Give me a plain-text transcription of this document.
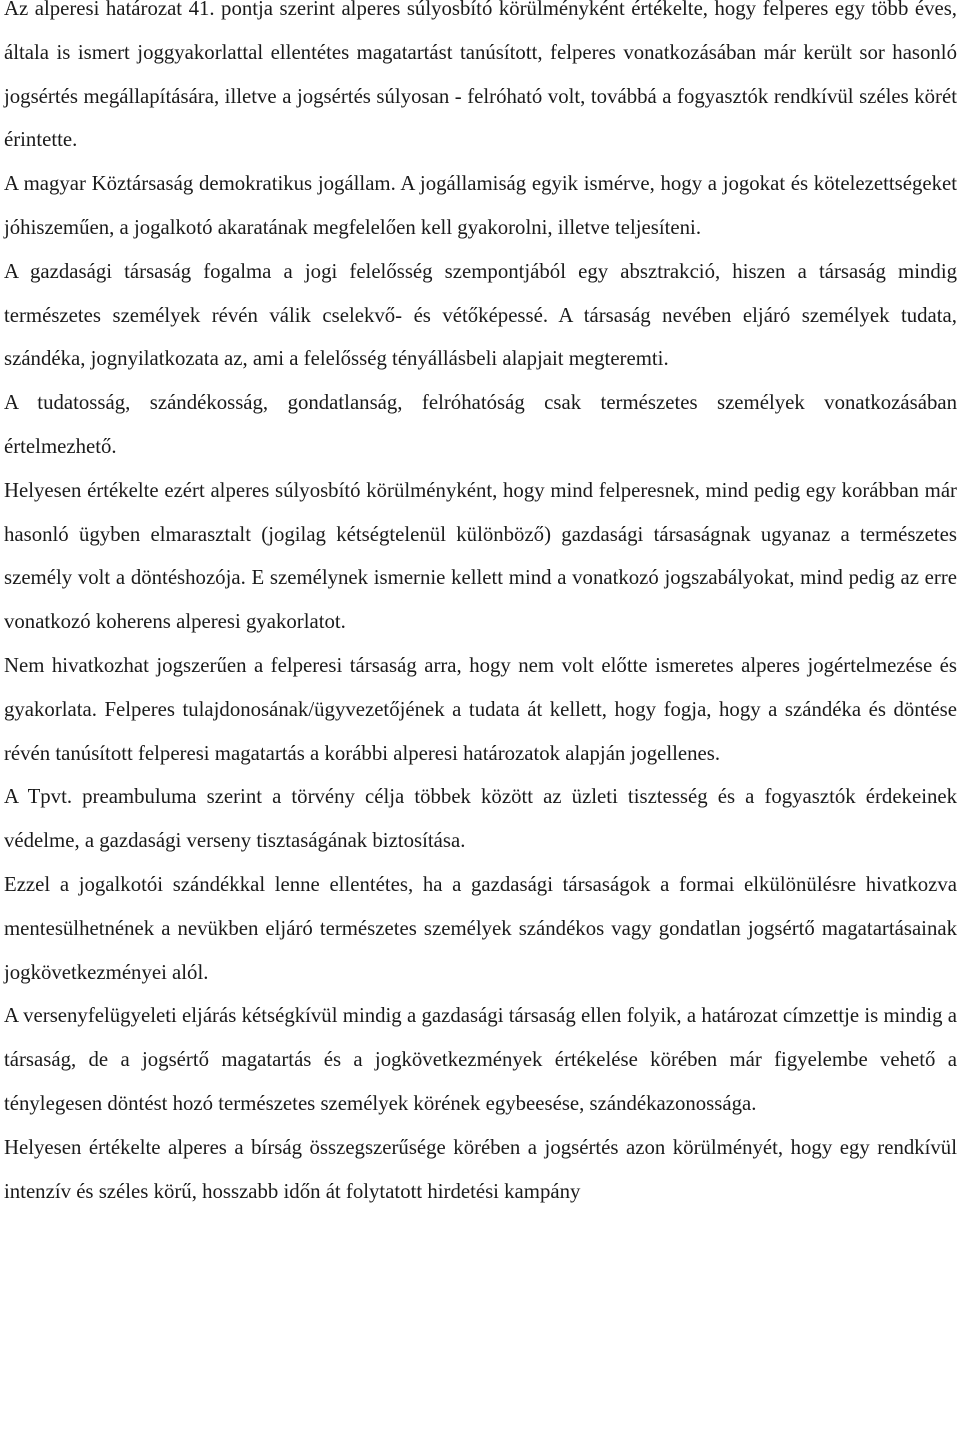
Az alperesi határozat 41. pontja szerint alperes súlyosbító körülményként értékelte, hogy felperes egy több éves, általa is ismert joggyakorlattal ellentétes magatartást tanúsított, felperes vonatkozásában már került sor hasonló jogsértés megállapítására, illetve a jogsértés súlyosan - felróható volt, továbbá a fogyasztók rendkívül széles körét érintette.

A magyar Köztársaság demokratikus jogállam. A jogállamiság egyik ismérve, hogy a jogokat és kötelezettségeket jóhiszeműen, a jogalkotó akaratának megfelelően kell gyakorolni, illetve teljesíteni.

A gazdasági társaság fogalma a jogi felelősség szempontjából egy absztrakció, hiszen a társaság mindig természetes személyek révén válik cselekvő- és vétőképessé. A társaság nevében eljáró személyek tudata, szándéka, jognyilatkozata az, ami a felelősség tényállásbeli alapjait megteremti.

A tudatosság, szándékosság, gondatlanság, felróhatóság csak természetes személyek vonatkozásában értelmezhető.

Helyesen értékelte ezért alperes súlyosbító körülményként, hogy mind felperesnek, mind pedig egy korábban már hasonló ügyben elmarasztalt (jogilag kétségtelenül különböző) gazdasági társaságnak ugyanaz a természetes személy volt a döntéshozója. E személynek ismernie kellett mind a vonatkozó jogszabályokat, mind pedig az erre vonatkozó koherens alperesi gyakorlatot.

Nem hivatkozhat jogszerűen a felperesi társaság arra, hogy nem volt előtte ismeretes alperes jogértelmezése és gyakorlata. Felperes tulajdonosának/ügyvezetőjének a tudata át kellett, hogy fogja, hogy a szándéka és döntése révén tanúsított felperesi magatartás a korábbi alperesi határozatok alapján jogellenes.

A Tpvt. preambuluma szerint a törvény célja többek között az üzleti tisztesség és a fogyasztók érdekeinek védelme, a gazdasági verseny tisztaságának biztosítása.

Ezzel a jogalkotói szándékkal lenne ellentétes, ha a gazdasági társaságok a formai elkülönülésre hivatkozva mentesülhetnének a nevükben eljáró természetes személyek szándékos vagy gondatlan jogsértő magatartásainak jogkövetkezményei alól.

A versenyfelügyeleti eljárás kétségkívül mindig a gazdasági társaság ellen folyik, a határozat címzettje is mindig a társaság, de a jogsértő magatartás és a jogkövetkezmények értékelése körében már figyelembe vehető a ténylegesen döntést hozó természetes személyek körének egybeesése, szándékazonossága.

Helyesen értékelte alperes a bírság összegszerűsége körében a jogsértés azon körülményét, hogy egy rendkívül intenzív és széles körű, hosszabb időn át folytatott hirdetési kampány
